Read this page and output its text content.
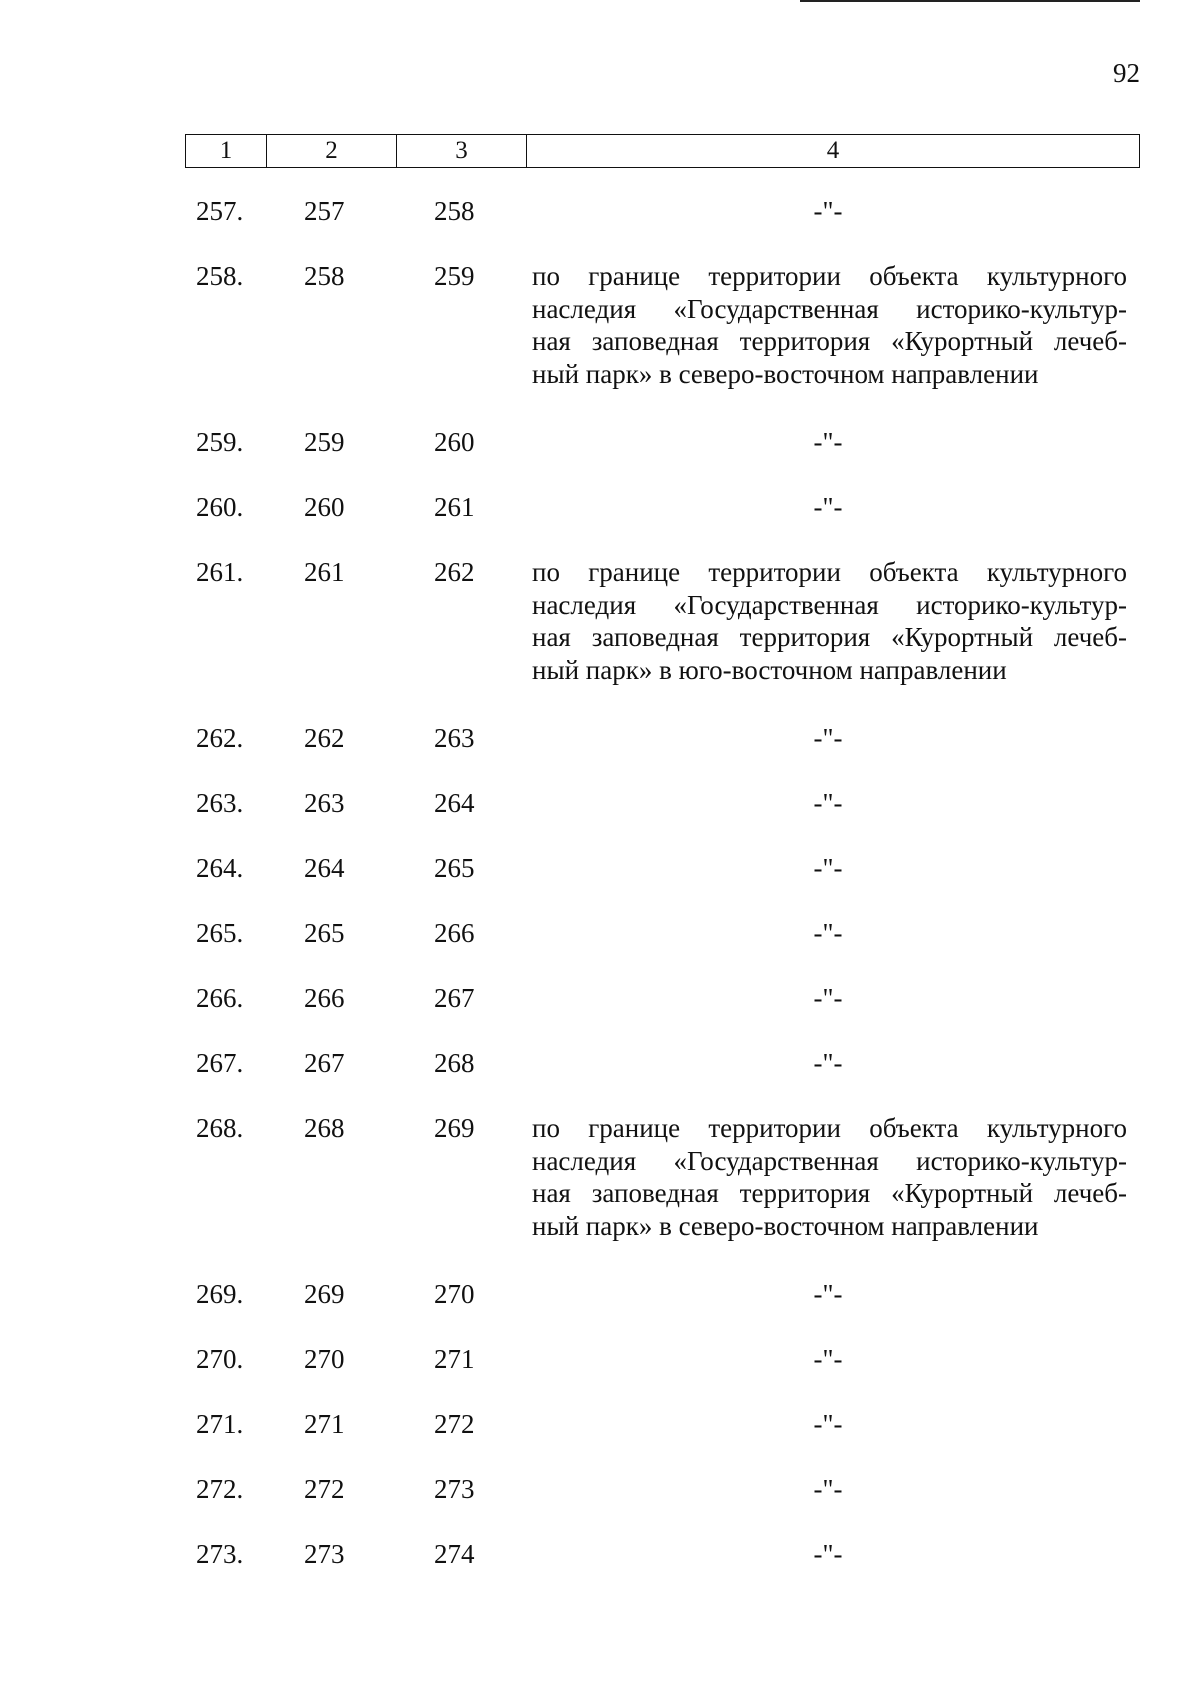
92
1	2	3	4
257.	257	258	-"-
258.	258	259	по границе территории объекта культурного
наследия «Государственная историко-культур-
ная заповедная территория «Курортный лечеб-
ный парк» в северо-восточном направлении
259.	259	260	-"-
260.	260	261	-"-
261.	261	262	по границе территории объекта культурного
наследия «Государственная историко-культур-
ная заповедная территория «Курортный лечеб-
ный парк» в юго-восточном направлении
262.	262	263	-"-
263.	263	264	-"-
264.	264	265	-"-
265.	265	266	-"-
266.	266	267	-"-
267.	267	268	-"-
268.	268	269	по границе территории объекта культурного
наследия «Государственная историко-культур-
ная заповедная территория «Курортный лечеб-
ный парк» в северо-восточном направлении
269.	269	270	-"-
270.	270	271	-"-
271.	271	272	-"-
272.	272	273	-"-
273.	273	274	-"-
